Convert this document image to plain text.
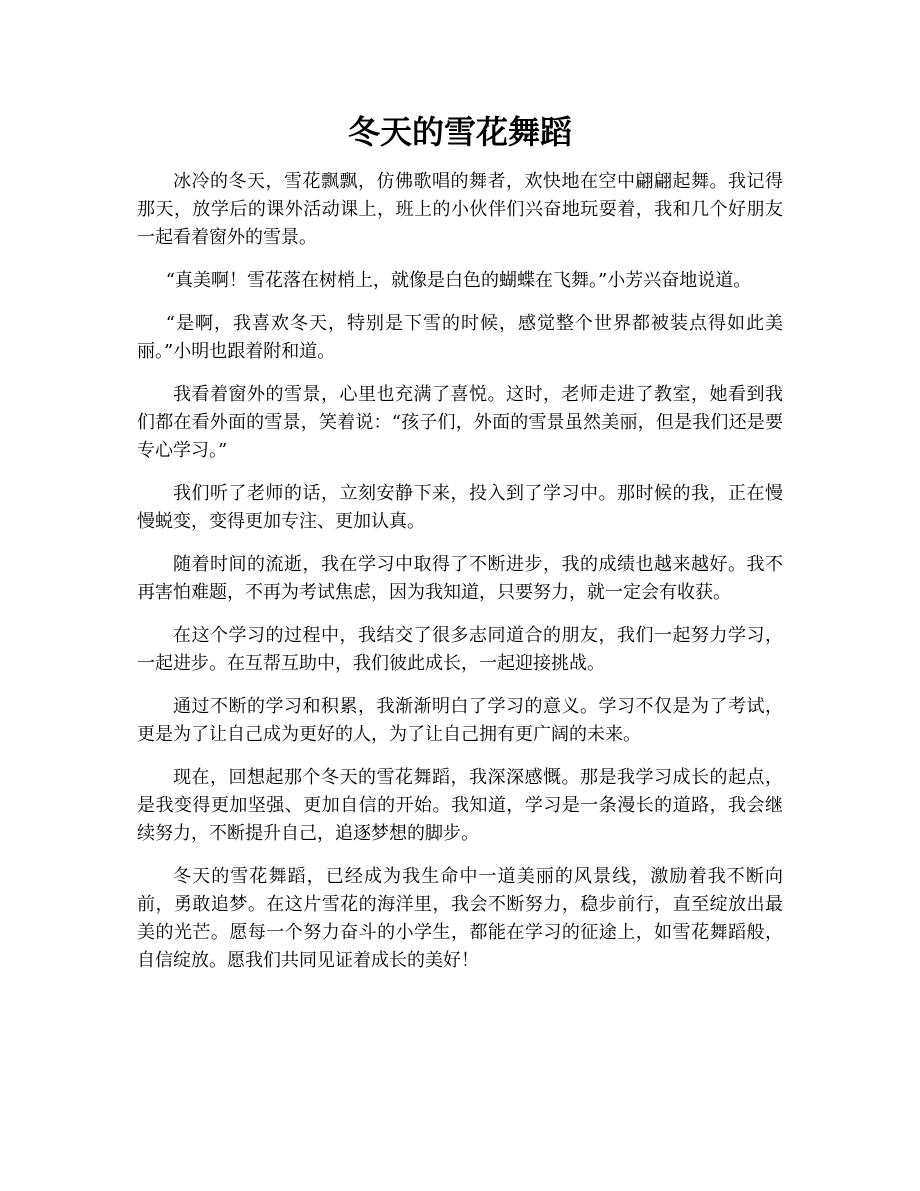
冬天的雪花舞蹈

冰冷的冬天，雪花飘飘，仿佛歌唱的舞者，欢快地在空中翩翩起舞。我记得那天，放学后的课外活动课上，班上的小伙伴们兴奋地玩耍着，我和几个好朋友一起看着窗外的雪景。

“真美啊！雪花落在树梢上，就像是白色的蝴蝶在飞舞。”小芳兴奋地说道。

“是啊，我喜欢冬天，特别是下雪的时候，感觉整个世界都被装点得如此美丽。”小明也跟着附和道。

我看着窗外的雪景，心里也充满了喜悦。这时，老师走进了教室，她看到我们都在看外面的雪景，笑着说：“孩子们，外面的雪景虽然美丽，但是我们还是要专心学习。”

我们听了老师的话，立刻安静下来，投入到了学习中。那时候的我，正在慢慢蜕变，变得更加专注、更加认真。

随着时间的流逝，我在学习中取得了不断进步，我的成绩也越来越好。我不再害怕难题，不再为考试焦虑，因为我知道，只要努力，就一定会有收获。

在这个学习的过程中，我结交了很多志同道合的朋友，我们一起努力学习，一起进步。在互帮互助中，我们彼此成长，一起迎接挑战。

通过不断的学习和积累，我渐渐明白了学习的意义。学习不仅是为了考试，更是为了让自己成为更好的人，为了让自己拥有更广阔的未来。

现在，回想起那个冬天的雪花舞蹈，我深深感慨。那是我学习成长的起点，是我变得更加坚强、更加自信的开始。我知道，学习是一条漫长的道路，我会继续努力，不断提升自己，追逐梦想的脚步。

冬天的雪花舞蹈，已经成为我生命中一道美丽的风景线，激励着我不断向前，勇敢追梦。在这片雪花的海洋里，我会不断努力，稳步前行，直至绽放出最美的光芒。愿每一个努力奋斗的小学生，都能在学习的征途上，如雪花舞蹈般，自信绽放。愿我们共同见证着成长的美好！
